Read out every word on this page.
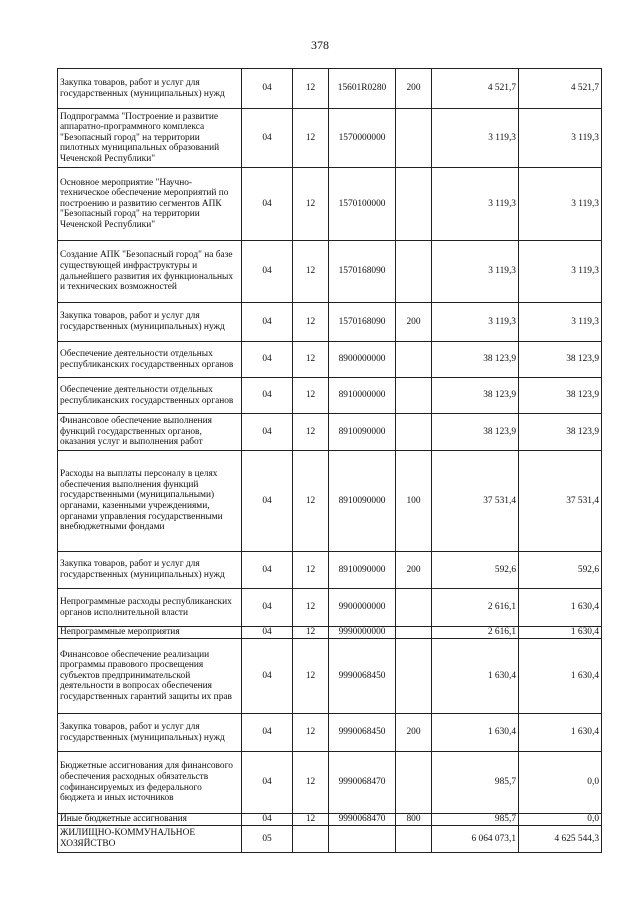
378
Закупка товаров, работ и услуг для государственных (муниципальных) нужд	04	12	15601R0280	200	4 521,7	4 521,7
Подпрограмма "Построение и развитие аппаратно-программного комплекса "Безопасный город" на территории пилотных муниципальных образований Чеченской Республики"	04	12	1570000000		3 119,3	3 119,3
Основное мероприятие "Научно-техническое обеспечение мероприятий по построению и развитию сегментов АПК "Безопасный город" на территории Чеченской Республики"	04	12	1570100000		3 119,3	3 119,3
Создание АПК "Безопасный город" на базе существующей инфраструктуры и дальнейшего развития их функциональных и технических возможностей	04	12	1570168090		3 119,3	3 119,3
Закупка товаров, работ и услуг для государственных (муниципальных) нужд	04	12	1570168090	200	3 119,3	3 119,3
Обеспечение деятельности отдельных республиканских государственных органов	04	12	8900000000		38 123,9	38 123,9
Обеспечение деятельности отдельных республиканских государственных органов	04	12	8910000000		38 123,9	38 123,9
Финансовое обеспечение выполнения функций государственных органов, оказания услуг и выполнения работ	04	12	8910090000		38 123,9	38 123,9
Расходы на выплаты персоналу в целях обеспечения выполнения функций государственными (муниципальными) органами, казенными учреждениями, органами управления государственными внебюджетными фондами	04	12	8910090000	100	37 531,4	37 531,4
Закупка товаров, работ и услуг для государственных (муниципальных) нужд	04	12	8910090000	200	592,6	592,6
Непрограммные расходы республиканских органов исполнительной власти	04	12	9900000000		2 616,1	1 630,4
Непрограммные мероприятия	04	12	9990000000		2 616,1	1 630,4
Финансовое обеспечение реализации программы правового просвещения субъектов предпринимательской деятельности в вопросах обеспечения государственных гарантий защиты их прав	04	12	9990068450		1 630,4	1 630,4
Закупка товаров, работ и услуг для государственных (муниципальных) нужд	04	12	9990068450	200	1 630,4	1 630,4
Бюджетные ассигнования для финансового обеспечения расходных обязательств софинансируемых из федерального бюджета и иных источников	04	12	9990068470		985,7	0,0
Иные бюджетные ассигнования	04	12	9990068470	800	985,7	0,0
ЖИЛИЩНО-КОММУНАЛЬНОЕ ХОЗЯЙСТВО	05				6 064 073,1	4 625 544,3
